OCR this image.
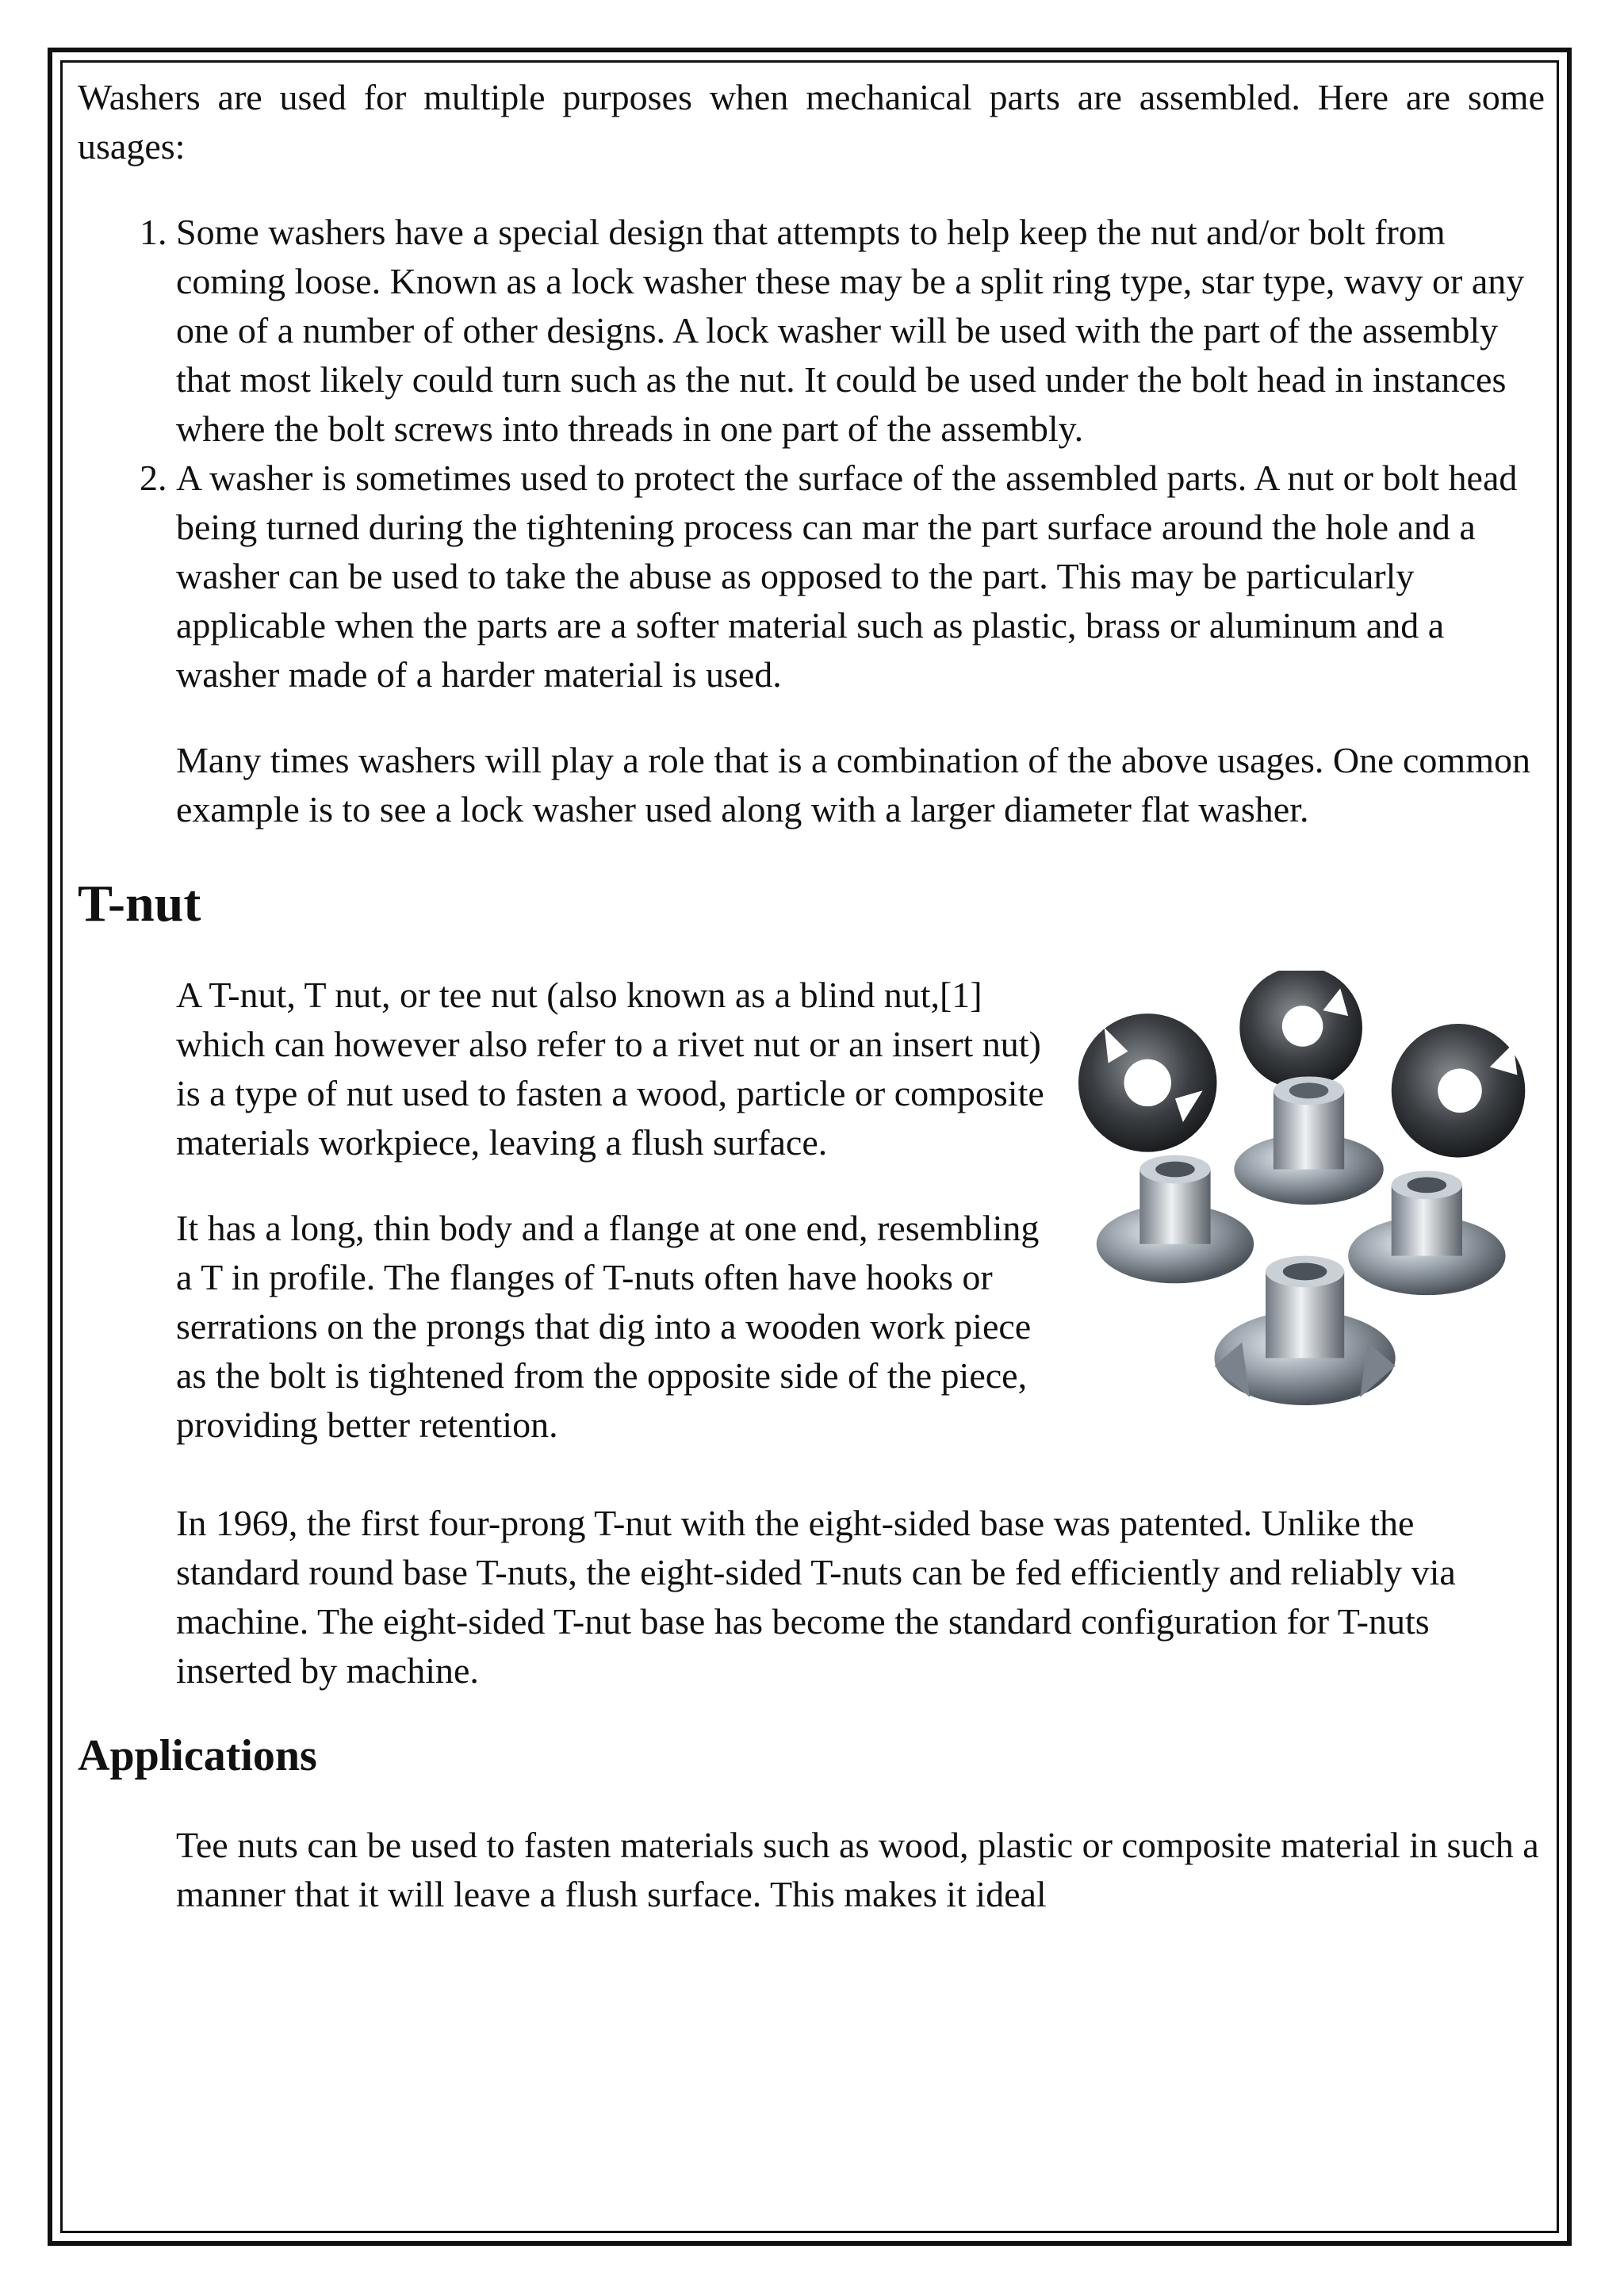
Washers are used for multiple purposes when mechanical parts are assembled. Here are some usages:

1. Some washers have a special design that attempts to help keep the nut and/or bolt from coming loose. Known as a lock washer these may be a split ring type, star type, wavy or any one of a number of other designs. A lock washer will be used with the part of the assembly that most likely could turn such as the nut. It could be used under the bolt head in instances where the bolt screws into threads in one part of the assembly.
2. A washer is sometimes used to protect the surface of the assembled parts. A nut or bolt head being turned during the tightening process can mar the part surface around the hole and a washer can be used to take the abuse as opposed to the part. This may be particularly applicable when the parts are a softer material such as plastic, brass or aluminum and a washer made of a harder material is used.

Many times washers will play a role that is a combination of the above usages. One common example is to see a lock washer used along with a larger diameter flat washer.

T-nut

A T-nut, T nut, or tee nut (also known as a blind nut,[1] which can however also refer to a rivet nut or an insert nut) is a type of nut used to fasten a wood, particle or composite materials workpiece, leaving a flush surface.

It has a long, thin body and a flange at one end, resembling a T in profile. The flanges of T-nuts often have hooks or serrations on the prongs that dig into a wooden work piece as the bolt is tightened from the opposite side of the piece, providing better retention.

In 1969, the first four-prong T-nut with the eight-sided base was patented. Unlike the standard round base T-nuts, the eight-sided T-nuts can be fed efficiently and reliably via machine. The eight-sided T-nut base has become the standard configuration for T-nuts inserted by machine.

Applications

Tee nuts can be used to fasten materials such as wood, plastic or composite material in such a manner that it will leave a flush surface. This makes it ideal
